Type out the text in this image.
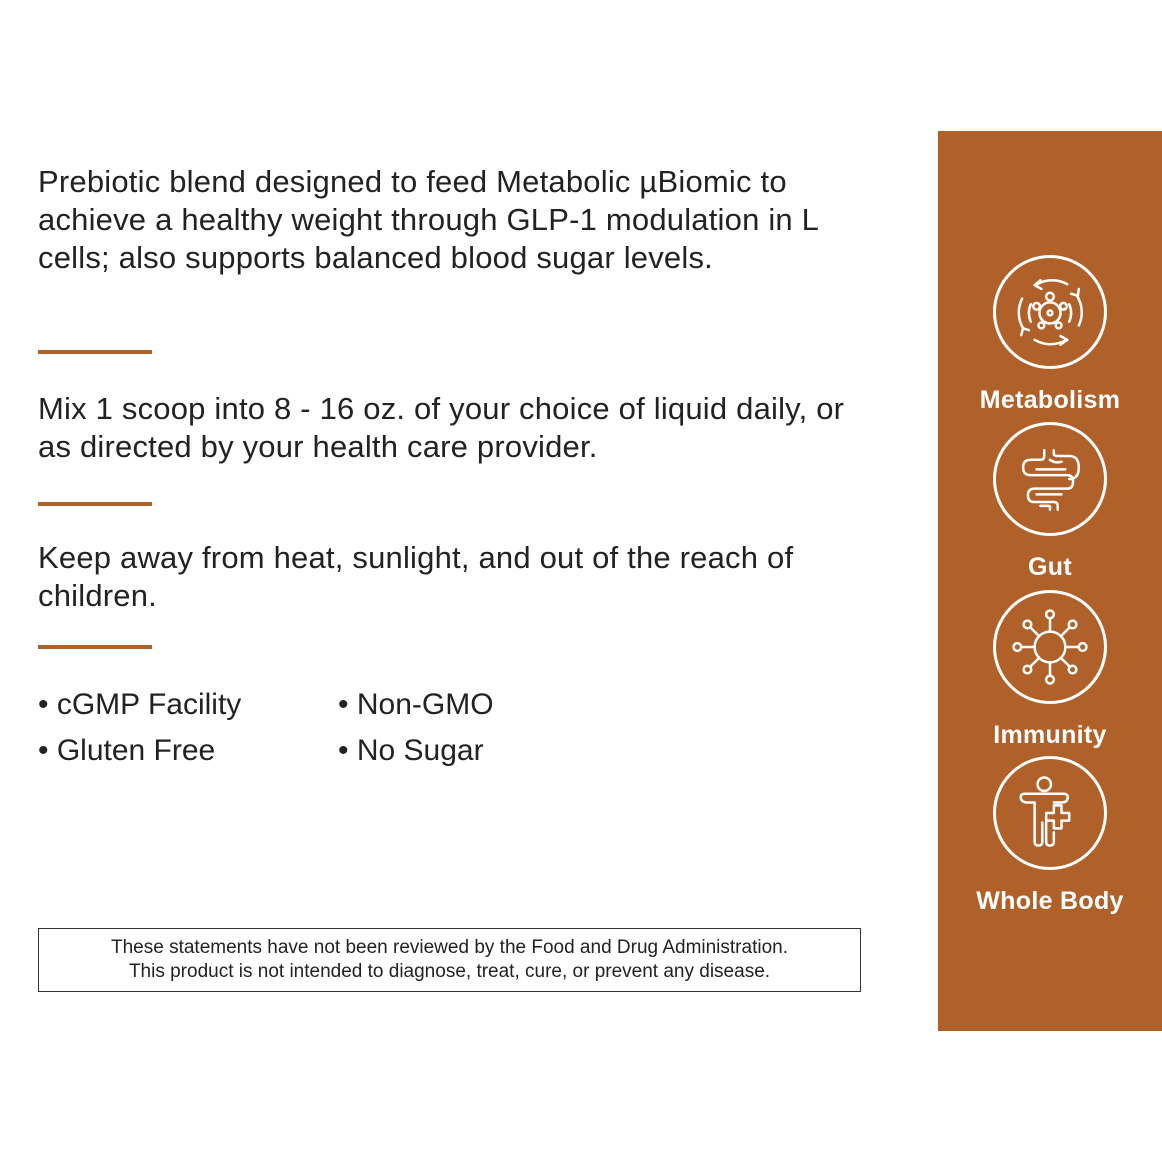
Prebiotic blend designed to feed Metabolic µBiomic to achieve a healthy weight through GLP-1 modulation in L cells; also supports balanced blood sugar levels.

Mix 1 scoop into 8 - 16 oz. of your choice of liquid daily, or as directed by your health care provider.

Keep away from heat, sunlight, and out of the reach of children.

• cGMP Facility	• Non-GMO
• Gluten Free	• No Sugar
These statements have not been reviewed by the Food and Drug Administration.
This product is not intended to diagnose, treat, cure, or prevent any disease.
Metabolism
Gut
Immunity
Whole Body
